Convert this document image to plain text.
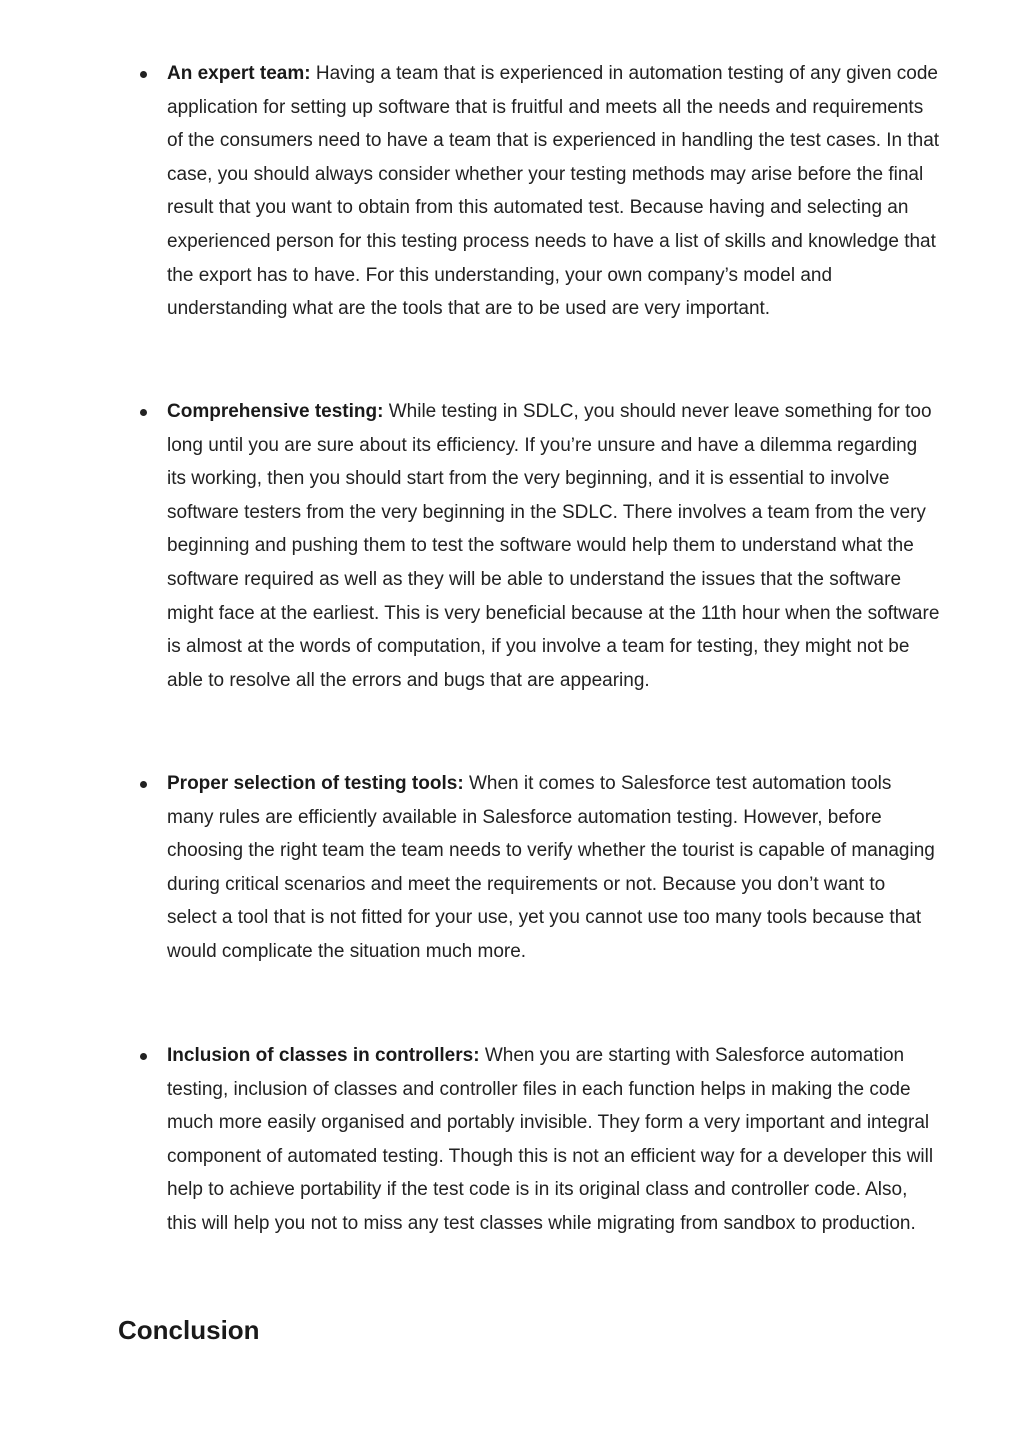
An expert team: Having a team that is experienced in automation testing of any given code application for setting up software that is fruitful and meets all the needs and requirements of the consumers need to have a team that is experienced in handling the test cases. In that case, you should always consider whether your testing methods may arise before the final result that you want to obtain from this automated test. Because having and selecting an experienced person for this testing process needs to have a list of skills and knowledge that the export has to have. For this understanding, your own company’s model and understanding what are the tools that are to be used are very important.

Comprehensive testing: While testing in SDLC, you should never leave something for too long until you are sure about its efficiency. If you’re unsure and have a dilemma regarding its working, then you should start from the very beginning, and it is essential to involve software testers from the very beginning in the SDLC. There involves a team from the very beginning and pushing them to test the software would help them to understand what the software required as well as they will be able to understand the issues that the software might face at the earliest. This is very beneficial because at the 11th hour when the software is almost at the words of computation, if you involve a team for testing, they might not be able to resolve all the errors and bugs that are appearing.

Proper selection of testing tools: When it comes to Salesforce test automation tools many rules are efficiently available in Salesforce automation testing. However, before choosing the right team the team needs to verify whether the tourist is capable of managing during critical scenarios and meet the requirements or not. Because you don’t want to select a tool that is not fitted for your use, yet you cannot use too many tools because that would complicate the situation much more.

Inclusion of classes in controllers: When you are starting with Salesforce automation testing, inclusion of classes and controller files in each function helps in making the code much more easily organised and portably invisible. They form a very important and integral component of automated testing. Though this is not an efficient way for a developer this will help to achieve portability if the test code is in its original class and controller code. Also, this will help you not to miss any test classes while migrating from sandbox to production.

Conclusion
